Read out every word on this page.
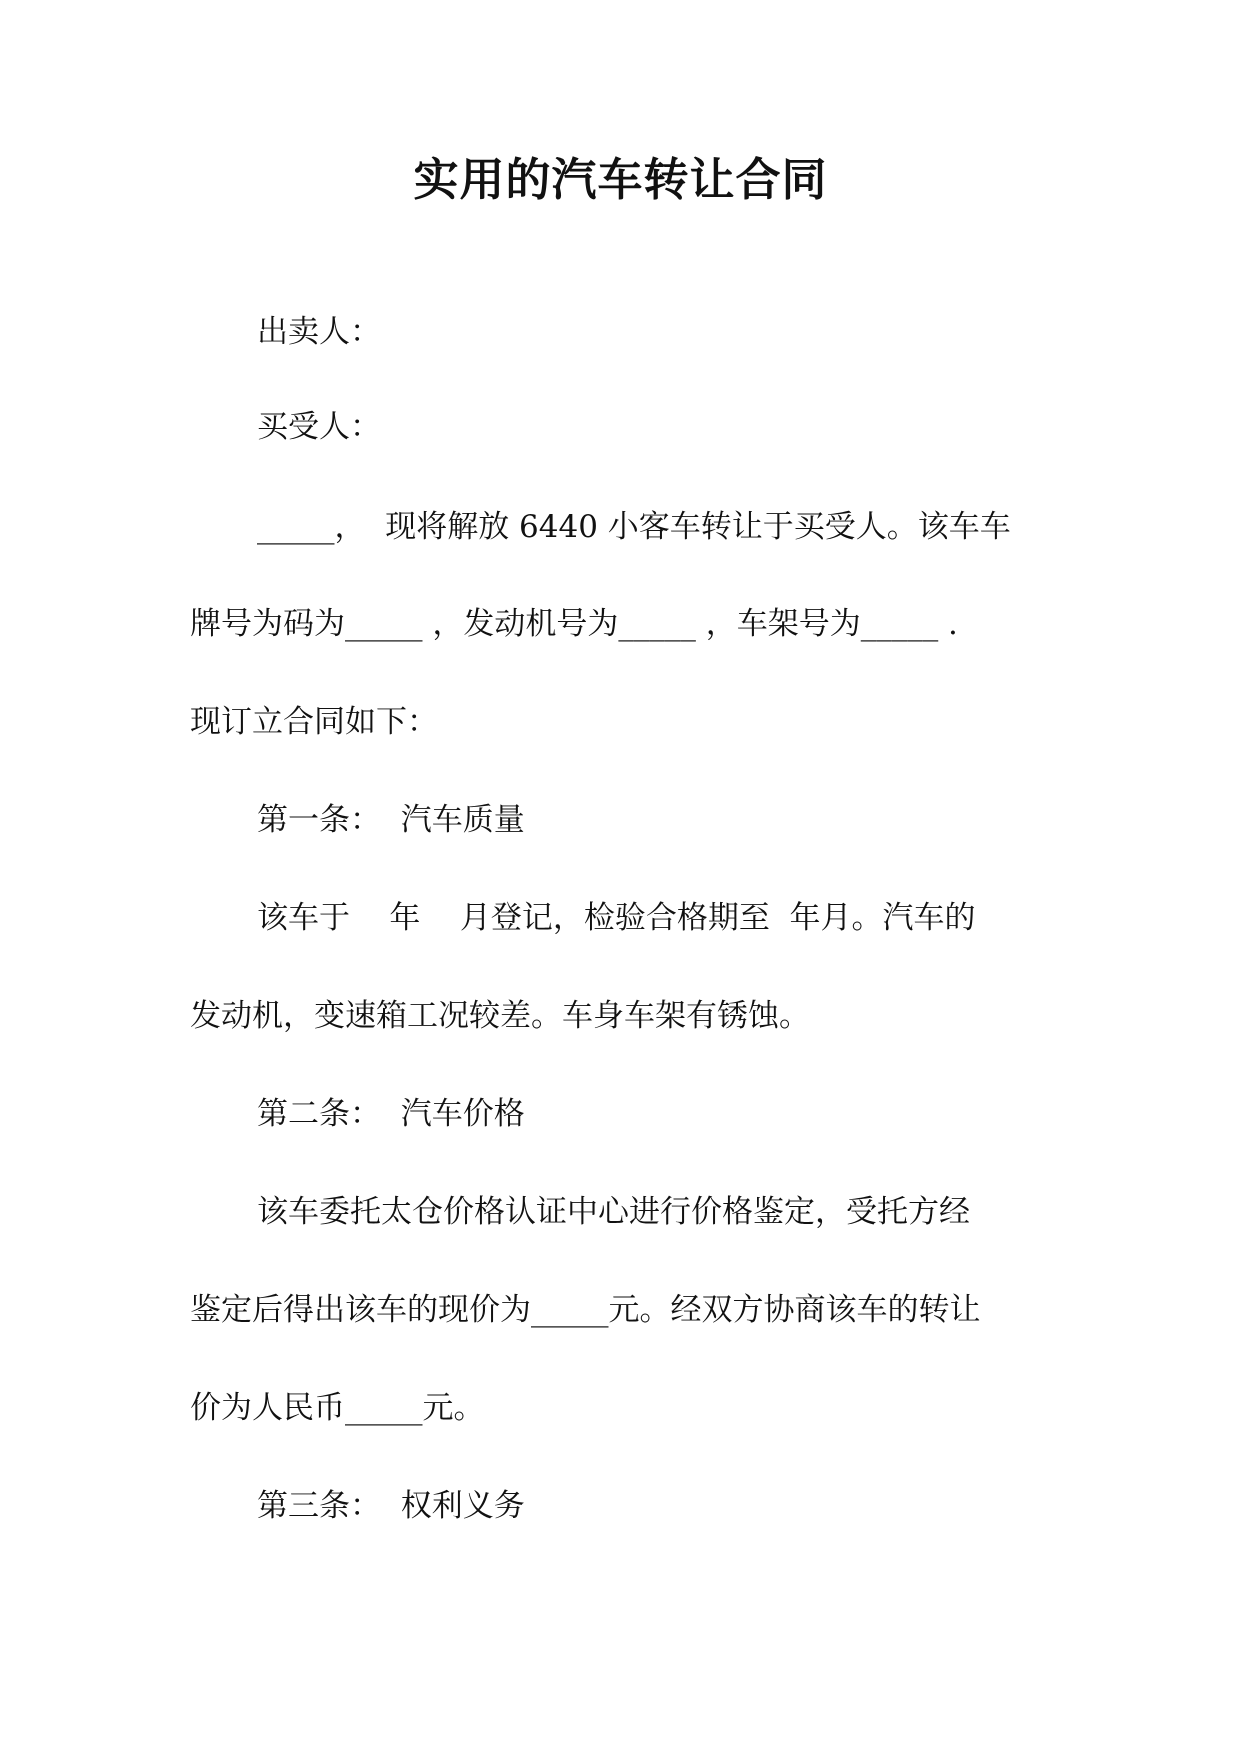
实用的汽车转让合同
出卖人：
买受人：
_____，  现将解放 6440 小客车转让于买受人。该车车
牌号为码为_____ ，发动机号为_____ ，车架号为_____ .
现订立合同如下：
第一条：  汽车质量
该车于    年    月登记，检验合格期至  年月。汽车的
发动机，变速箱工况较差。车身车架有锈蚀。
第二条：  汽车价格
该车委托太仓价格认证中心进行价格鉴定，受托方经
鉴定后得出该车的现价为_____元。经双方协商该车的转让
价为人民币_____元。
第三条：  权利义务
